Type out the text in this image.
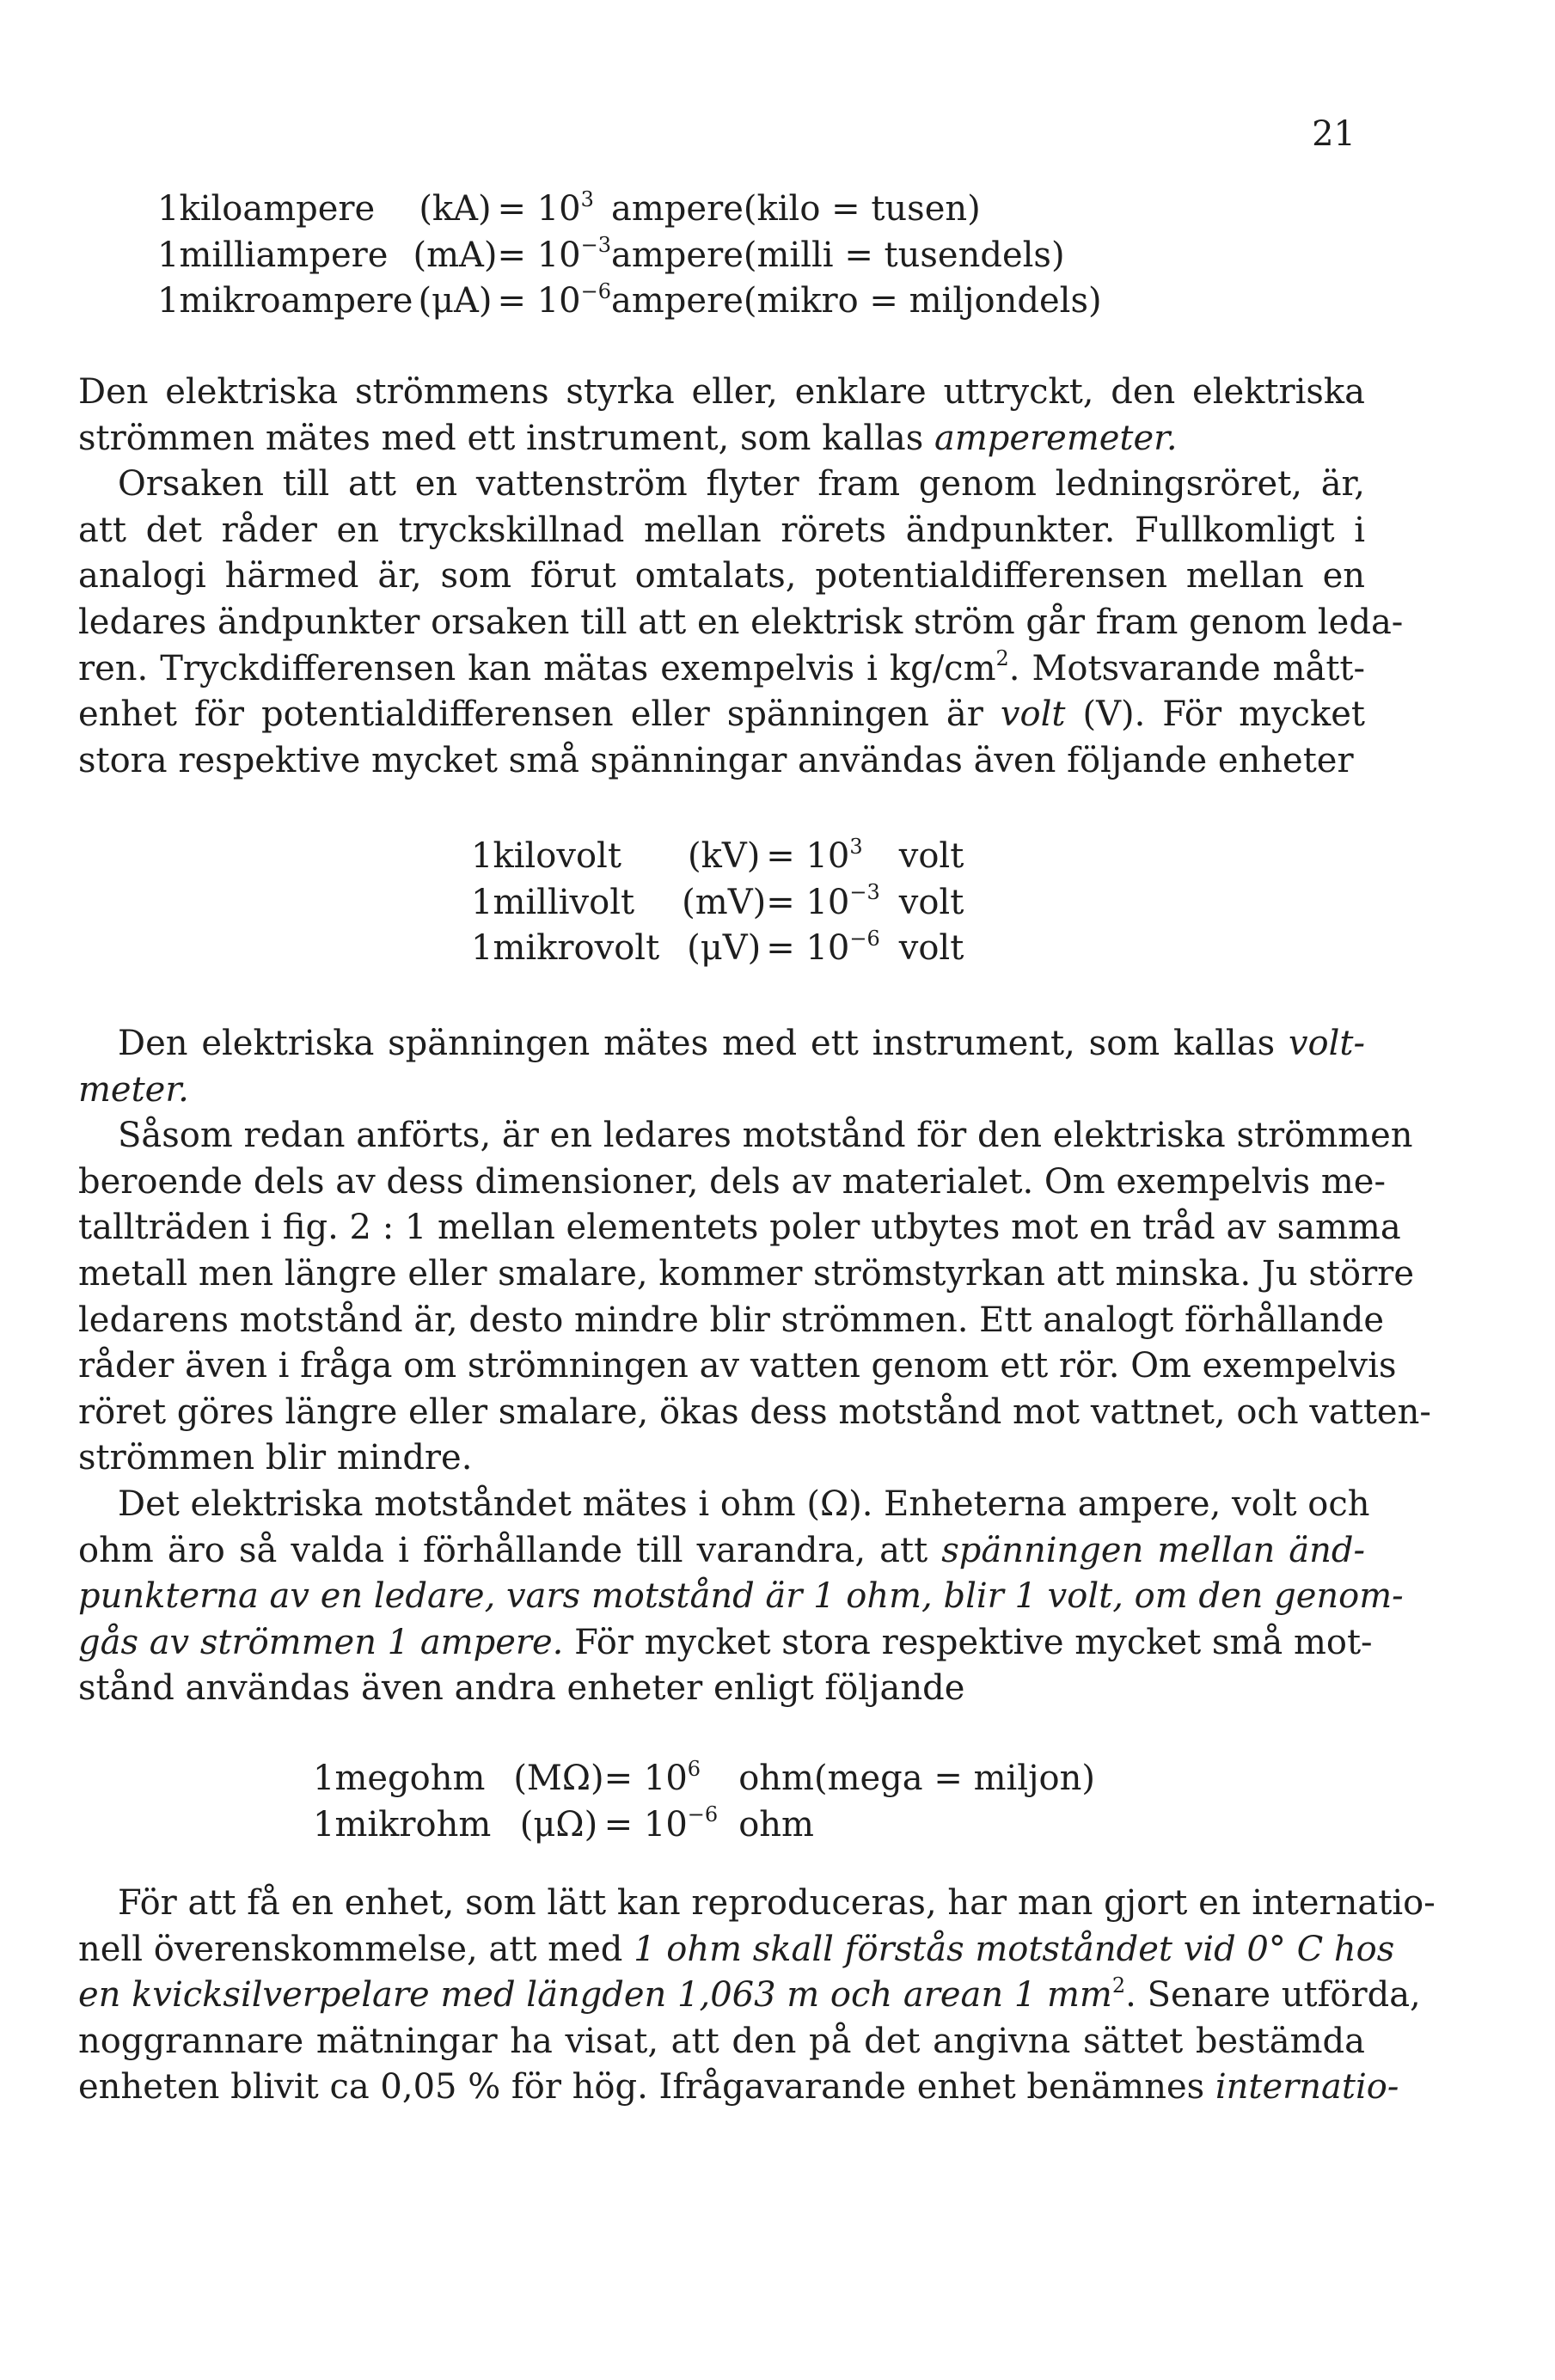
21
1	kiloampere	(kA)	= $10^3$	ampere	(kilo = tusen)
1	milliampere	(mA)	= $10^{-3}$	ampere	(milli = tusendels)
1	mikroampere	(μA)	= $10^{-6}$	ampere	(mikro = miljondels)
Den elektriska strömmens styrka eller, enklare uttryckt, den elektriska
strömmen mätes med ett instrument, som kallas amperemeter.
Orsaken till att en vattenström flyter fram genom ledningsröret, är,
att det råder en tryckskillnad mellan rörets ändpunkter. Fullkomligt i
analogi härmed är, som förut omtalats, potentialdifferensen mellan en
ledares ändpunkter orsaken till att en elektrisk ström går fram genom leda-
ren. Tryckdifferensen kan mätas exempelvis i $kg/cm^2$. Motsvarande mått-
enhet för potentialdifferensen eller spänningen är volt (V). För mycket
stora respektive mycket små spänningar användas även följande enheter
1	kilovolt	(kV)	= $10^3$	volt
1	millivolt	(mV)	= $10^{-3}$	volt
1	mikrovolt	(μV)	= $10^{-6}$	volt
Den elektriska spänningen mätes med ett instrument, som kallas volt-
meter.
Såsom redan anförts, är en ledares motstånd för den elektriska strömmen
beroende dels av dess dimensioner, dels av materialet. Om exempelvis me-
tallträden i fig. 2 : 1 mellan elementets poler utbytes mot en tråd av samma
metall men längre eller smalare, kommer strömstyrkan att minska. Ju större
ledarens motstånd är, desto mindre blir strömmen. Ett analogt förhållande
råder även i fråga om strömningen av vatten genom ett rör. Om exempelvis
röret göres längre eller smalare, ökas dess motstånd mot vattnet, och vatten-
strömmen blir mindre.
Det elektriska motståndet mätes i ohm (Ω). Enheterna ampere, volt och
ohm äro så valda i förhållande till varandra, att spänningen mellan änd-
punkterna av en ledare, vars motstånd är 1 ohm, blir 1 volt, om den genom-
gås av strömmen 1 ampere. För mycket stora respektive mycket små mot-
stånd användas även andra enheter enligt följande
1	megohm	(MΩ)	= $10^6$	ohm	(mega = miljon)
1	mikrohm	(μΩ)	= $10^{-6}$	ohm	
För att få en enhet, som lätt kan reproduceras, har man gjort en internatio-
nell överenskommelse, att med 1 ohm skall förstås motståndet vid 0° C hos
en kvicksilverpelare med längden 1,063 m och arean 1 $mm^2$. Senare utförda,
noggrannare mätningar ha visat, att den på det angivna sättet bestämda
enheten blivit ca 0,05 % för hög. Ifrågavarande enhet benämnes internatio-
